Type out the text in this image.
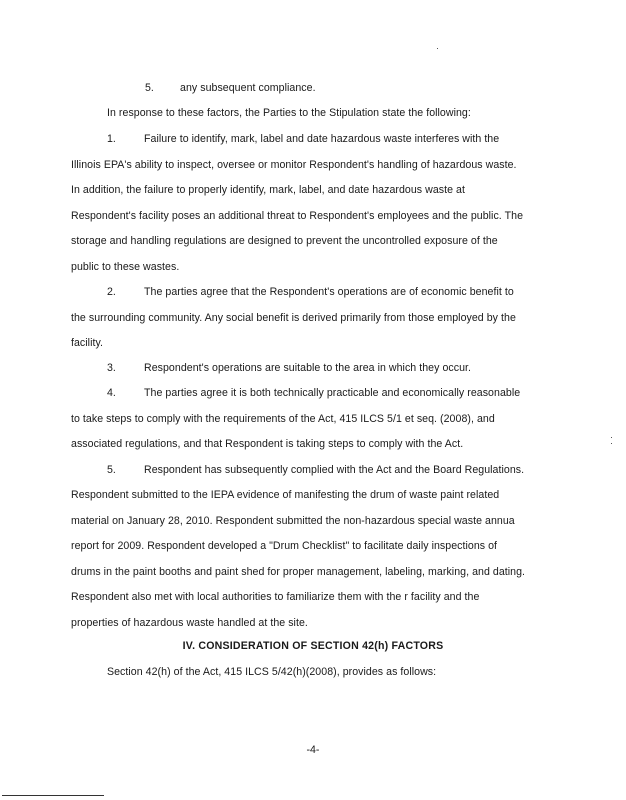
5. any subsequent compliance.
In response to these factors, the Parties to the Stipulation state the following:
1.	Failure to identify, mark, label and date hazardous waste interferes with the
Illinois EPA's ability to inspect, oversee or monitor Respondent's handling of hazardous waste.
In addition, the failure to properly identify, mark, label, and date hazardous waste at
Respondent's facility poses an additional threat to Respondent's employees and the public. The
storage and handling regulations are designed to prevent the uncontrolled exposure of the
public to these wastes.
2.	The parties agree that the Respondent's operations are of economic benefit to
the surrounding community. Any social benefit is derived primarily from those employed by the
facility.
3.	Respondent's operations are suitable to the area in which they occur.
4.	The parties agree it is both technically practicable and economically reasonable
to take steps to comply with the requirements of the Act, 415 ILCS 5/1 et seq. (2008), and
associated regulations, and that Respondent is taking steps to comply with the Act.
5.	Respondent has subsequently complied with the Act and the Board Regulations.
Respondent submitted to the IEPA evidence of manifesting the drum of waste paint related
material on January 28, 2010. Respondent submitted the non-hazardous special waste annua
report for 2009. Respondent developed a "Drum Checklist" to facilitate daily inspections of
drums in the paint booths and paint shed for proper management, labeling, marking, and dating.
Respondent also met with local authorities to familiarize them with the r facility and the
properties of hazardous waste handled at the site.
IV. CONSIDERATION OF SECTION 42(h) FACTORS
Section 42(h) of the Act, 415 ILCS 5/42(h)(2008), provides as follows:
-4-
